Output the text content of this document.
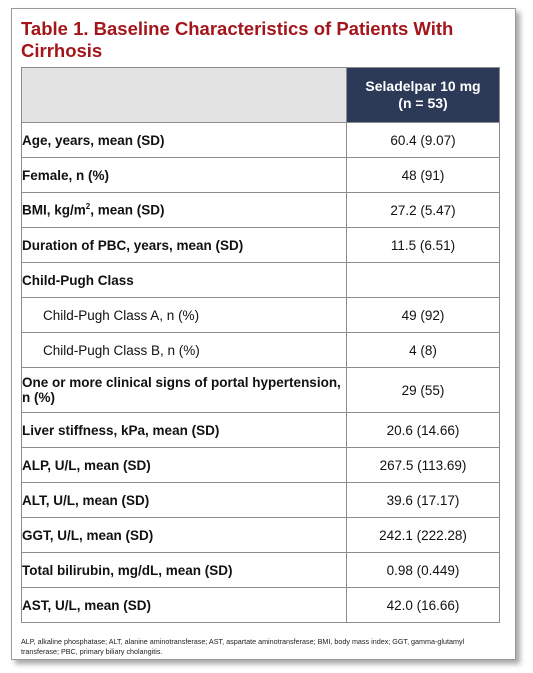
Table 1. Baseline Characteristics of Patients With Cirrhosis
	Seladelpar 10 mg
(n = 53)
Age, years, mean (SD)	60.4 (9.07)
Female, n (%)	48 (91)
BMI, $kg/m^2$, mean (SD)	27.2 (5.47)
Duration of PBC, years, mean (SD)	11.5 (6.51)
Child-Pugh Class	
Child-Pugh Class A, n (%)	49 (92)
Child-Pugh Class B, n (%)	4 (8)
One or more clinical signs of portal hypertension, n (%)	29 (55)
Liver stiffness, kPa, mean (SD)	20.6 (14.66)
ALP, U/L, mean (SD)	267.5 (113.69)
ALT, U/L, mean (SD)	39.6 (17.17)
GGT, U/L, mean (SD)	242.1 (222.28)
Total bilirubin, mg/dL, mean (SD)	0.98 (0.449)
AST, U/L, mean (SD)	42.0 (16.66)
ALP, alkaline phosphatase; ALT, alanine aminotransferase; AST, aspartate aminotransferase; BMI, body mass index; GGT, gamma-glutamyl transferase; PBC, primary biliary cholangitis.
